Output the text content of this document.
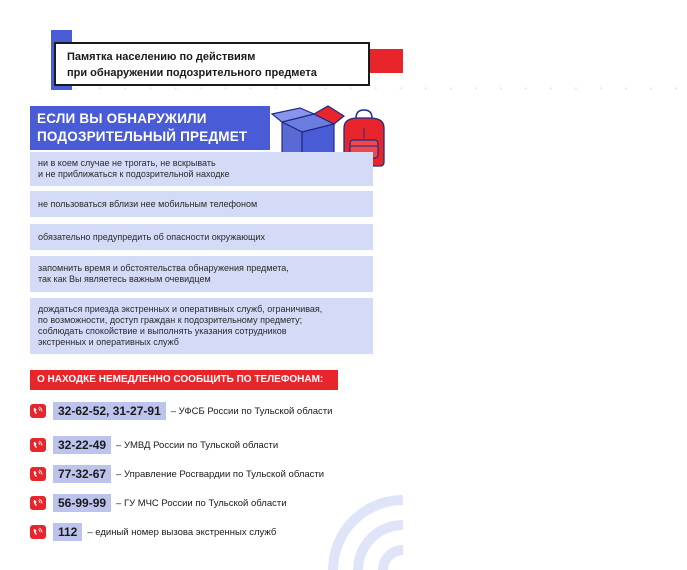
Памятка населению по действиям
при обнаружении подозрительного предмета
• • • • • • • • • • • • • • • • • • • • • • • • •
ЕСЛИ ВЫ ОБНАРУЖИЛИ
ПОДОЗРИТЕЛЬНЫЙ ПРЕДМЕТ
ни в коем случае не трогать, не вскрывать
и не приближаться к подозрительной находке
не пользоваться вблизи нее мобильным телефоном
обязательно предупредить об опасности окружающих
запомнить время и обстоятельства обнаружения предмета,
так как Вы являетесь важным очевидцем
дождаться приезда экстренных и оперативных служб, ограничивая,
по возможности, доступ граждан к подозрительному предмету;
соблюдать спокойствие и выполнять указания сотрудников
экстренных и оперативных служб
О НАХОДКЕ НЕМЕДЛЕННО СООБЩИТЬ ПО ТЕЛЕФОНАМ:
32-62-52, 31-27-91	– УФСБ России по Тульской области
32-22-49	– УМВД России по Тульской области
77-32-67	– Управление Росгвардии по Тульской области
56-99-99	– ГУ МЧС России по Тульской области
112	– единый номер вызова экстренных служб
